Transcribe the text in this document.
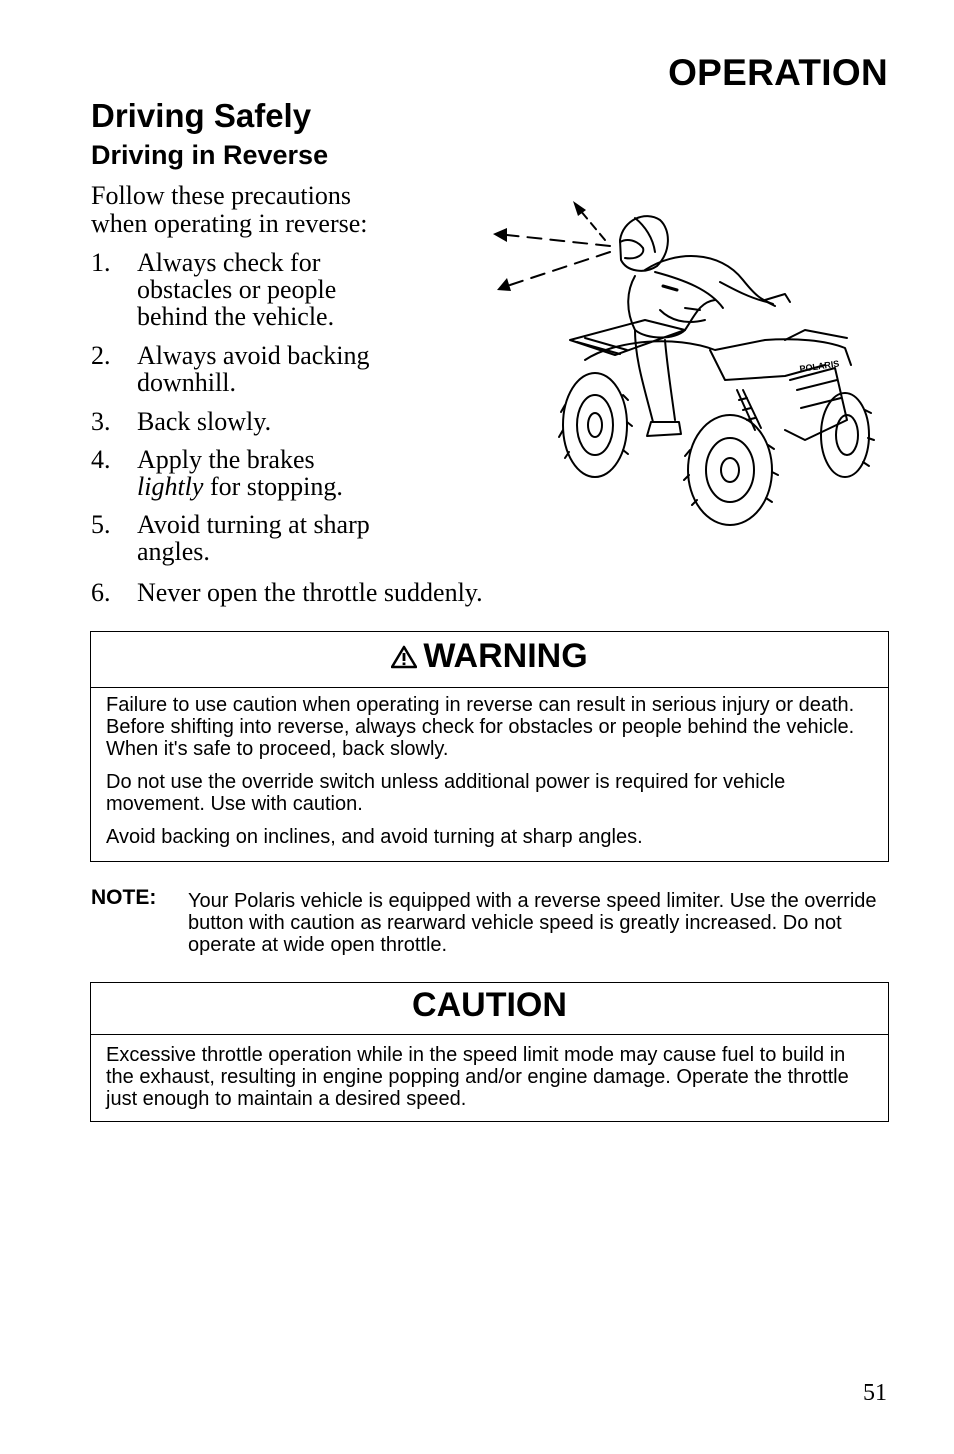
OPERATION
Driving Safely
Driving in Reverse

Follow these precautions when operating in reverse:

1. Always check for
obstacles or people
behind the vehicle.
2. Always avoid backing
downhill.
3. Back slowly.
4. Apply the brakes
lightly for stopping.
5. Avoid turning at sharp
angles.
6. Never open the throttle suddenly.
POLARIS
WARNING

Failure to use caution when operating in reverse can result in serious injury or death. Before shifting into reverse, always check for obstacles or people behind the vehicle. When it's safe to proceed, back slowly.

Do not use the override switch unless additional power is required for vehicle movement. Use with caution.

Avoid backing on inclines, and avoid turning at sharp angles.

NOTE: Your Polaris vehicle is equipped with a reverse speed limiter. Use the override button with caution as rearward vehicle speed is greatly increased. Do not operate at wide open throttle.
CAUTION

Excessive throttle operation while in the speed limit mode may cause fuel to build in the exhaust, resulting in engine popping and/or engine damage. Operate the throttle just enough to maintain a desired speed.

51
